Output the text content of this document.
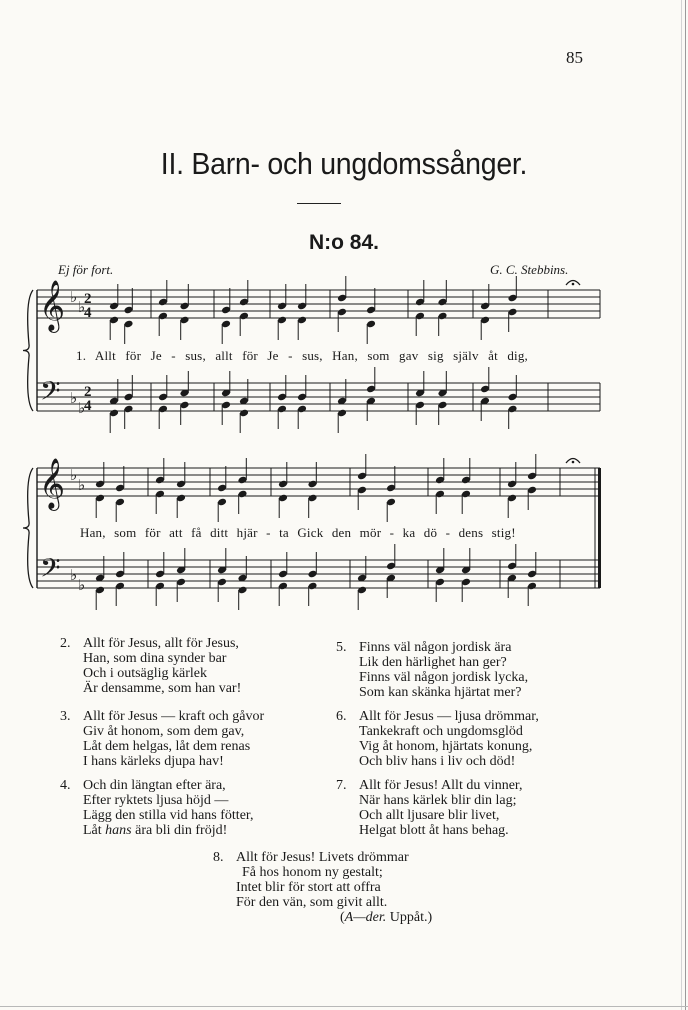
85
II. Barn- och ungdomssånger.
N:o 84.
Ej för fort.	G. C. Stebbins.
𝄞
𝄢
♭
♭
♭
♭
2
4
2
4
𝄞
𝄢
♭
♭
♭
♭
1. Allt för Je - sus, allt för Je - sus, Han, som gav sig själv åt dig,
Han, som för att få ditt hjär - ta Gick den mör - ka dö - dens stig!
2. Allt för Jesus, allt för Jesus,
Han, som dina synder bar
Och i outsäglig kärlek
Är densamme, som han var!
3. Allt för Jesus — kraft och gåvor
Giv åt honom, som dem gav,
Låt dem helgas, låt dem renas
I hans kärleks djupa hav!
4. Och din längtan efter ära,
Efter ryktets ljusa höjd —
Lägg den stilla vid hans fötter,
Låt hans ära bli din fröjd!
5. Finns väl någon jordisk ära
Lik den härlighet han ger?
Finns väl någon jordisk lycka,
Som kan skänka hjärtat mer?
6. Allt för Jesus — ljusa drömmar,
Tankekraft och ungdomsglöd
Vig åt honom, hjärtats konung,
Och bliv hans i liv och död!
7. Allt för Jesus! Allt du vinner,
När hans kärlek blir din lag;
Och allt ljusare blir livet,
Helgat blott åt hans behag.
8. Allt för Jesus! Livets drömmar
Få hos honom ny gestalt;
Intet blir för stort att offra
För den vän, som givit allt.
(A—der. Uppåt.)
